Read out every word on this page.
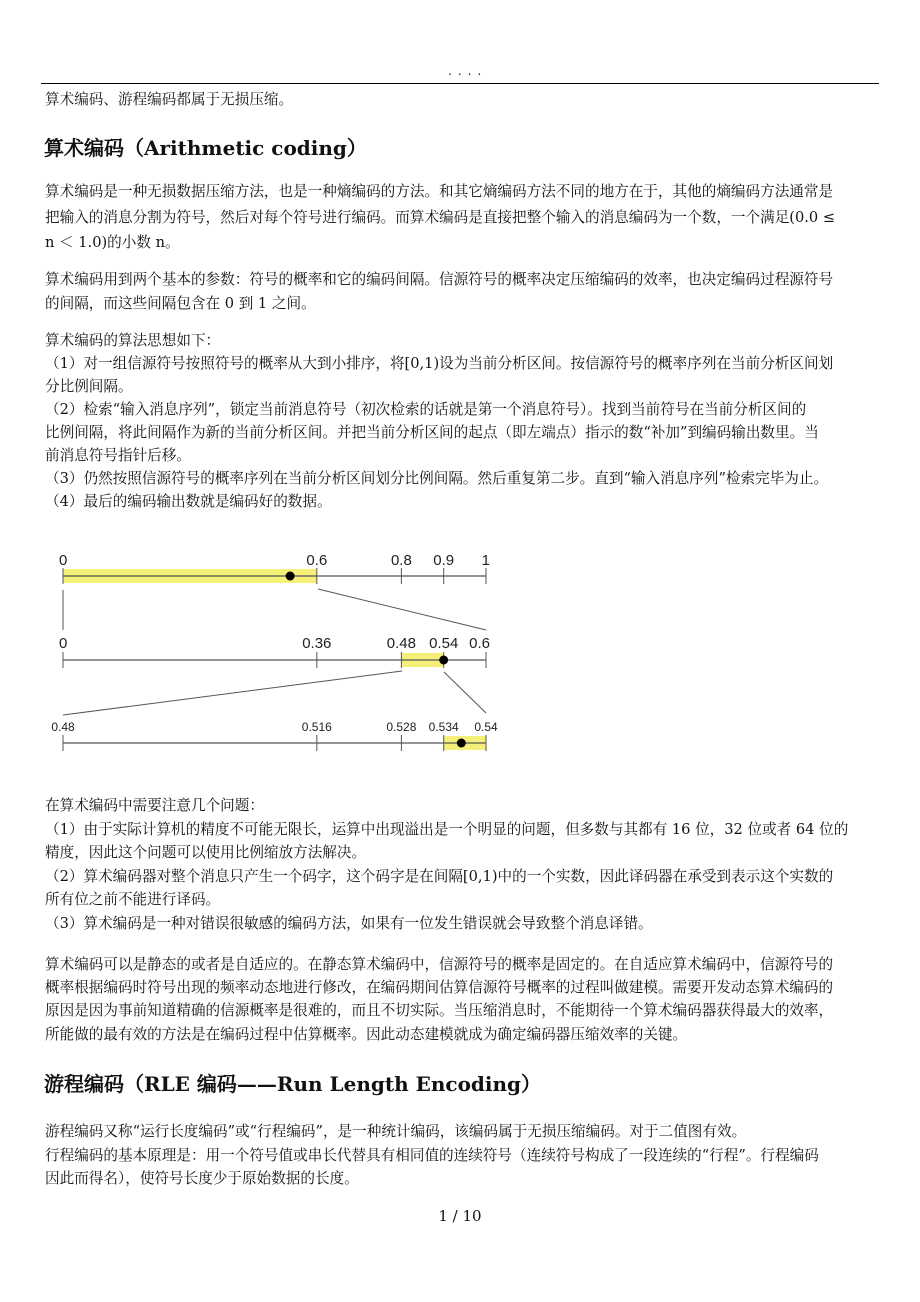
....
算术编码、游程编码都属于无损压缩。
算术编码（Arithmetic coding）
游程编码（RLE 编码——Run Length Encoding）
算术编码是一种无损数据压缩方法，也是一种熵编码的方法。和其它熵编码方法不同的地方在于，其他的熵编码方法通常是
把输入的消息分割为符号，然后对每个符号进行编码。而算术编码是直接把整个输入的消息编码为一个数，一个满足(0.0 ≤
n ＜ 1.0)的小数 n。
算术编码用到两个基本的参数：符号的概率和它的编码间隔。信源符号的概率决定压缩编码的效率，也决定编码过程源符号
的间隔，而这些间隔包含在 0 到 1 之间。
算术编码的算法思想如下：
（1）对一组信源符号按照符号的概率从大到小排序，将[0,1)设为当前分析区间。按信源符号的概率序列在当前分析区间划
分比例间隔。
（2）检索“输入消息序列”，锁定当前消息符号（初次检索的话就是第一个消息符号）。找到当前符号在当前分析区间的
比例间隔，将此间隔作为新的当前分析区间。并把当前分析区间的起点（即左端点）指示的数“补加”到编码输出数里。当
前消息符号指针后移。
（3）仍然按照信源符号的概率序列在当前分析区间划分比例间隔。然后重复第二步。直到“输入消息序列”检索完毕为止。
（4）最后的编码输出数就是编码好的数据。
在算术编码中需要注意几个问题：
（1）由于实际计算机的精度不可能无限长，运算中出现溢出是一个明显的问题，但多数与其都有 16 位，32 位或者 64 位的
精度，因此这个问题可以使用比例缩放方法解决。
（2）算术编码器对整个消息只产生一个码字，这个码字是在间隔[0,1)中的一个实数，因此译码器在承受到表示这个实数的
所有位之前不能进行译码。
（3）算术编码是一种对错误很敏感的编码方法，如果有一位发生错误就会导致整个消息译错。
算术编码可以是静态的或者是自适应的。在静态算术编码中，信源符号的概率是固定的。在自适应算术编码中，信源符号的
概率根据编码时符号出现的频率动态地进行修改，在编码期间估算信源符号概率的过程叫做建模。需要开发动态算术编码的
原因是因为事前知道精确的信源概率是很难的，而且不切实际。当压缩消息时，不能期待一个算术编码器获得最大的效率，
所能做的最有效的方法是在编码过程中估算概率。因此动态建模就成为确定编码器压缩效率的关键。
游程编码又称“运行长度编码”或“行程编码”，是一种统计编码，该编码属于无损压缩编码。对于二值图有效。
行程编码的基本原理是：用一个符号值或串长代替具有相同值的连续符号（连续符号构成了一段连续的“行程”。行程编码
因此而得名），使符号长度少于原始数据的长度。
0	0.6	0.8 0.9 1
0	0.36	0.48 0.54 0.6
0.48	0.516	0.528 0.534 0.54
1 / 10
